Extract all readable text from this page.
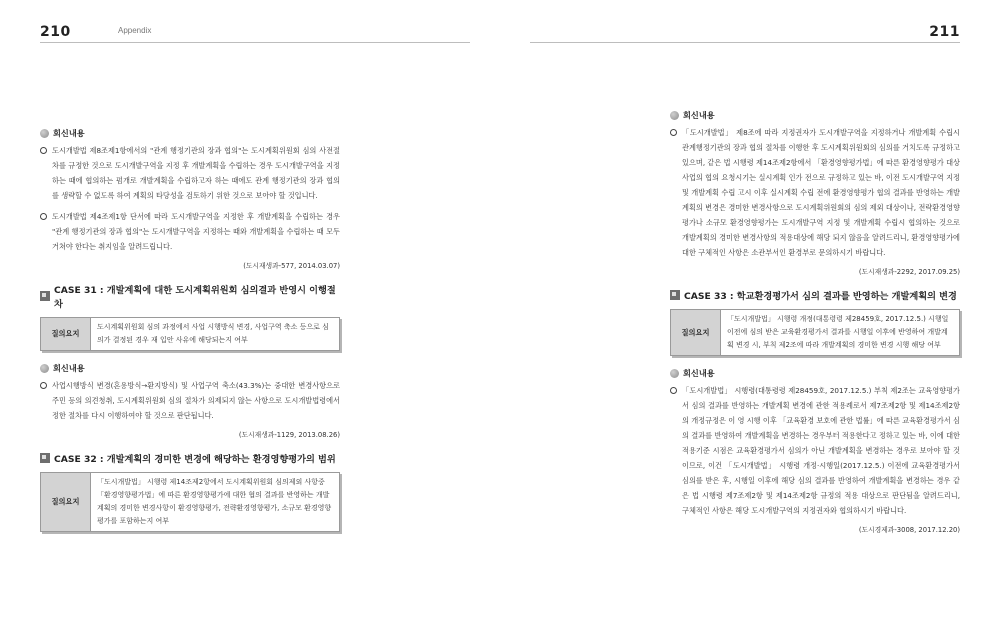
210	Appendix
회신내용
도시개발법 제8조제1항에서의 "관계 행정기관의 장과 협의"는 도시계획위원회 심의 사전절차를 규정한 것으로 도시개발구역을 지정 후 개발계획을 수립하는 경우 도시개발구역을 지정하는 때에 협의하는 펌개로 개발계획을 수립하고자 하는 때에도 관계 행정기관의 장과 협의를 생략할 수 없도록 하여 계획의 타당성을 검토하기 위한 것으로 보아야 할 것입니다.
도시개발법 제4조제1항 단서에 따라 도시개발구역을 지정한 후 개발계획을 수립하는 경우 "관계 행정기관의 장과 협의"는 도시개발구역을 지정하는 때와 개발계획을 수립하는 때 모두 거쳐야 한다는 취지임을 알려드립니다.
(도시재생과-577, 2014.03.07)
CASE 31 : 개발계획에 대한 도시계획위원회 심의결과 반영시 이행절차
질의요지
도시계획위원회 심의 과정에서 사업 시행방식 변경, 사업구역 축소 등으로 심의가 결정된 경우 재 입안 사유에 해당되는지 여부
회신내용
사업시행방식 변경(혼용방식→환지방식) 및 사업구역 축소(43.3%)는 중대한 변경사항으로 주민 등의 의견청취, 도시계획위원회 심의 절차가 의제되지 않는 사항으로 도시개발법령에서 정한 절차를 다시 이행하여야 할 것으로 판단됩니다.
(도시재생과-1129, 2013.08.26)
CASE 32 : 개발계획의 경미한 변경에 해당하는 환경영향평가의 범위
질의요지
「도시개발법」 시행령 제14조제2항에서 도시계획위원회 심의제외 사항중 「환경영향평가법」에 따른 환경영향평가에 대한 협의 결과를 반영하는 개발계획의 경미한 변경사항이 환경영향평가, 전략환경영향평가, 소규모 환경영향평가를 포함하는지 여부
211
회신내용
「도시개발법」 제8조에 따라 지정권자가 도시개발구역을 지정하거나 개발계획 수립시 관계행정기관의 장과 협의 절차를 이행한 후 도시계획위원회의 심의를 거치도록 규정하고 있으며, 같은 법 시행령 제14조제2항에서 「환경영향평가법」에 따른 환경영향평가 대상사업의 협의 요청시기는 실시계획 인가 전으로 규정하고 있는 바, 이전 도시개발구역 지정 및 개발계획 수립 고시 이후 실시계획 수립 전에 환경영향평가 협의 결과를 반영하는 개발계획의 변경은 경미한 변경사항으로 도시계획위원회의 심의 제외 대상이나, 전략환경영향평가나 소규모 환경영향평가는 도시개발구역 지정 및 개발계획 수립시 협의하는 것으로 개발계획의 경미한 변경사항의 적용대상에 해당 되지 않음을 알려드리니, 환경영향평가에 대한 구체적인 사항은 소관부서인 환경부로 문의하시기 바랍니다.
(도시재생과-2292, 2017.09.25)
CASE 33 : 학교환경평가서 심의 결과를 반영하는 개발계획의 변경
질의요지
「도시개발법」 시행령 개정(대통령령 제28459호, 2017.12.5.) 시행일 이전에 심의 받은 교육환경평가서 결과를 시행일 이후에 반영하여 개발계획 변경 시, 부칙 제2조에 따라 개발계획의 경미한 변경 시행 해당 여부
회신내용
「도시개발법」 시행령(대통령령 제28459호, 2017.12.5.) 부칙 제2조는 교육영향평가서 심의 결과를 반영하는 개발계획 변경에 관한 적용례로서 제7조제2항 및 제14조제2항의 개정규정은 이 영 시행 이후 「교육환경 보호에 관한 법률」에 따른 교육환경평가서 심의 결과를 반영하여 개발계획을 변경하는 경우부터 적용한다고 정하고 있는 바, 이에 대한 적용기준 시점은 교육환경평가서 심의가 아닌 개발계획을 변경하는 경우로 보아야 할 것이므로, 이건 「도시개발법」 시행령 개정·시행일(2017.12.5.) 이전에 교육환경평가서 심의를 받은 후, 시행일 이후에 해당 심의 결과를 반영하여 개발계획을 변경하는 경우 같은 법 시행령 제7조제2항 및 제14조제2항 규정의 적용 대상으로 판단됨을 알려드리니, 구체적인 사항은 해당 도시개발구역의 지정권자와 협의하시기 바랍니다.
(도시경제과-3008, 2017.12.20)
